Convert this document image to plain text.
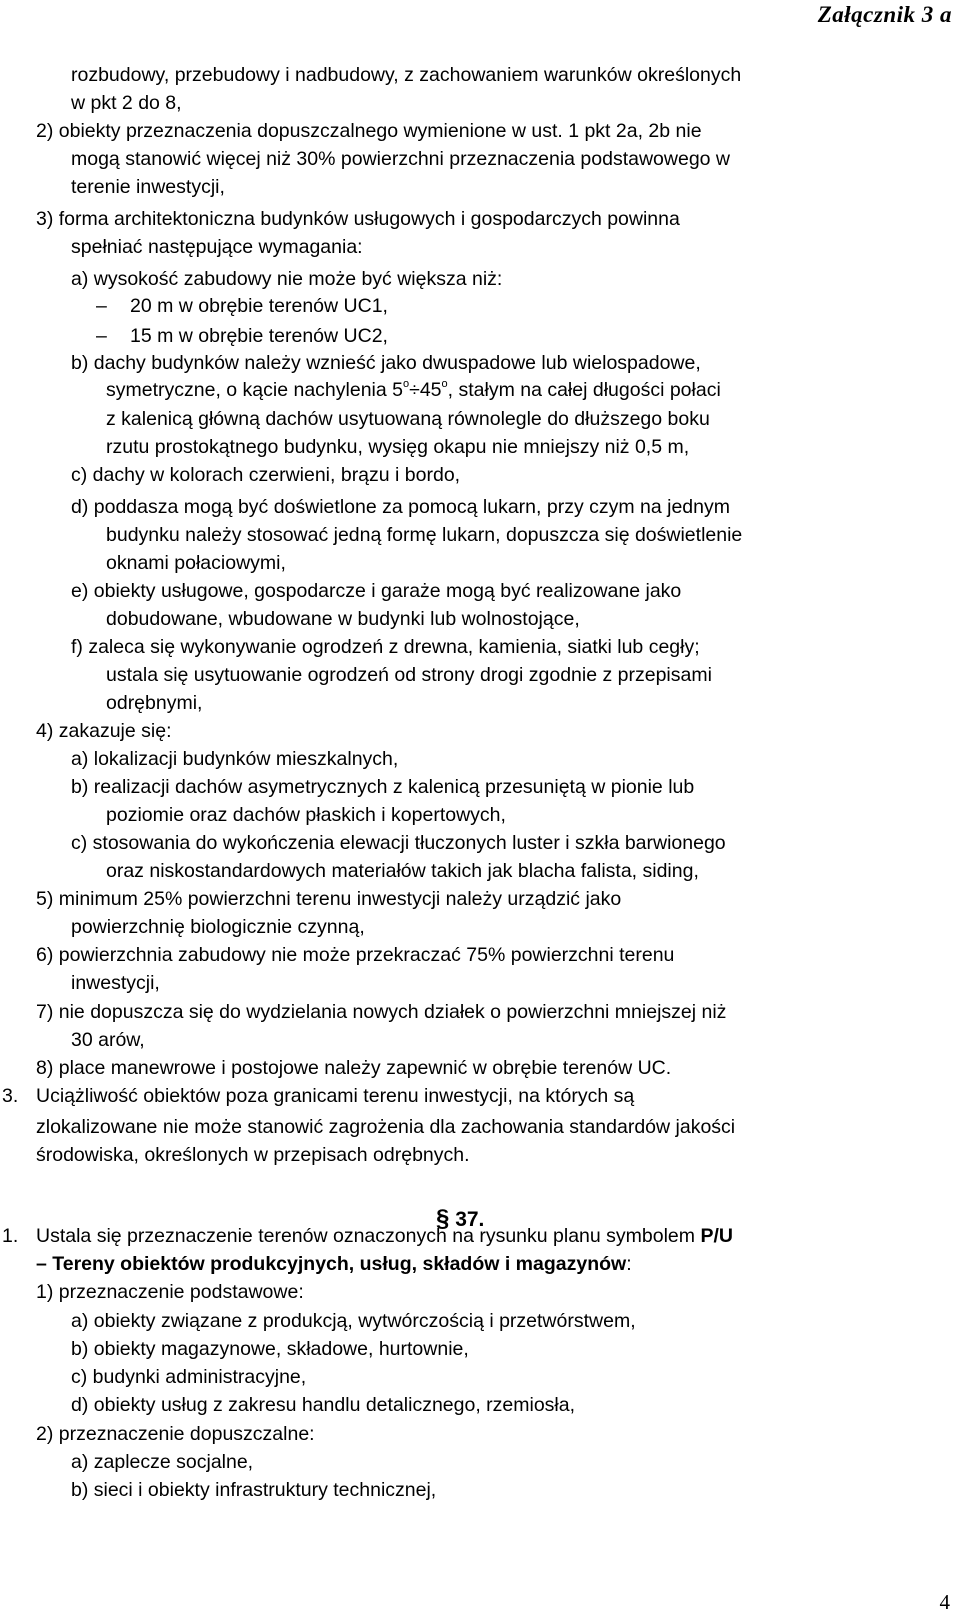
Załącznik 3 a
rozbudowy, przebudowy i nadbudowy, z zachowaniem warunków określonych
w pkt 2 do 8,
2) obiekty przeznaczenia dopuszczalnego wymienione w ust. 1 pkt 2a, 2b nie
mogą stanowić więcej niż 30% powierzchni przeznaczenia podstawowego w
terenie inwestycji,
3) forma architektoniczna budynków usługowych i gospodarczych powinna
spełniać następujące wymagania:
a) wysokość zabudowy nie może być większa niż:
– 20 m w obrębie terenów UC1,
– 15 m w obrębie terenów UC2,
b) dachy budynków należy wznieść jako dwuspadowe lub wielospadowe,
symetryczne, o kącie nachylenia $5^o\div 45^o$, stałym na całej długości połaci
z kalenicą główną dachów usytuowaną równolegle do dłuższego boku
rzutu prostokątnego budynku, wysięg okapu nie mniejszy niż 0,5 m,
c) dachy w kolorach czerwieni, brązu i bordo,
d) poddasza mogą być doświetlone za pomocą lukarn, przy czym na jednym
budynku należy stosować jedną formę lukarn, dopuszcza się doświetlenie
oknami połaciowymi,
e) obiekty usługowe, gospodarcze i garaże mogą być realizowane jako
dobudowane, wbudowane w budynki lub wolnostojące,
f) zaleca się wykonywanie ogrodzeń z drewna, kamienia, siatki lub cegły;
ustala się usytuowanie ogrodzeń od strony drogi zgodnie z przepisami
odrębnymi,
4) zakazuje się:
a) lokalizacji budynków mieszkalnych,
b) realizacji dachów asymetrycznych z kalenicą przesuniętą w pionie lub
poziomie oraz dachów płaskich i kopertowych,
c) stosowania do wykończenia elewacji tłuczonych luster i szkła barwionego
oraz niskostandardowych materiałów takich jak blacha falista, siding,
5) minimum 25% powierzchni terenu inwestycji należy urządzić jako
powierzchnię biologicznie czynną,
6) powierzchnia zabudowy nie może przekraczać 75% powierzchni terenu
inwestycji,
7) nie dopuszcza się do wydzielania nowych działek o powierzchni mniejszej niż
30 arów,
8) place manewrowe i postojowe należy zapewnić w obrębie terenów UC.
3. Uciążliwość obiektów poza granicami terenu inwestycji, na których są
zlokalizowane nie może stanowić zagrożenia dla zachowania standardów jakości
środowiska, określonych w przepisach odrębnych.
§ 37.
1. Ustala się przeznaczenie terenów oznaczonych na rysunku planu symbolem P/U
– Tereny obiektów produkcyjnych, usług, składów i magazynów:
1) przeznaczenie podstawowe:
a) obiekty związane z produkcją, wytwórczością i przetwórstwem,
b) obiekty magazynowe, składowe, hurtownie,
c) budynki administracyjne,
d) obiekty usług z zakresu handlu detalicznego, rzemiosła,
2) przeznaczenie dopuszczalne:
a) zaplecze socjalne,
b) sieci i obiekty infrastruktury technicznej,
4
